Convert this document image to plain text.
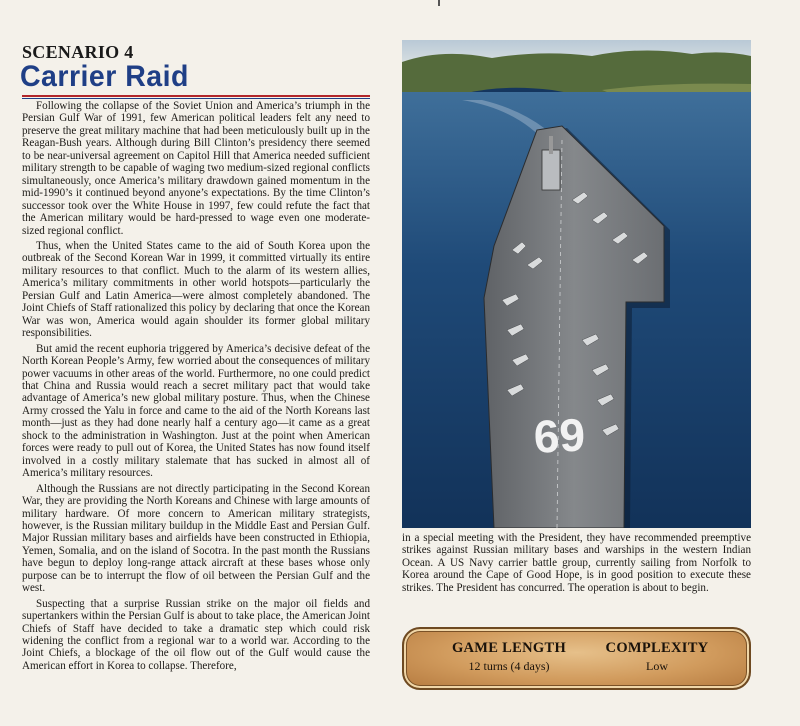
SCENARIO 4
Carrier Raid

Following the collapse of the Soviet Union and America’s triumph in the Persian Gulf War of 1991, few American political leaders felt any need to preserve the great military machine that had been meticulously built up in the Reagan-Bush years. Although during Bill Clinton’s presidency there seemed to be near-universal agreement on Capitol Hill that America needed sufficient military strength to be capable of waging two medium-sized regional conflicts simultaneously, once America’s military drawdown gained momentum in the mid-1990’s it continued beyond anyone’s expectations. By the time Clinton’s successor took over the White House in 1997, few could refute the fact that the American military would be hard-pressed to wage even one moderate-sized regional conflict.

Thus, when the United States came to the aid of South Korea upon the outbreak of the Second Korean War in 1999, it committed virtually its entire military resources to that conflict. Much to the alarm of its western allies, America’s military commitments in other world hotspots—particularly the Persian Gulf and Latin America—were almost completely abandoned. The Joint Chiefs of Staff rationalized this policy by declaring that once the Korean War was won, America would again shoulder its former global military responsibilities.

But amid the recent euphoria triggered by America’s decisive defeat of the North Korean People’s Army, few worried about the consequences of military power vacuums in other areas of the world. Furthermore, no one could predict that China and Russia would reach a secret military pact that would take advantage of America’s new global military posture. Thus, when the Chinese Army crossed the Yalu in force and came to the aid of the North Koreans last month—just as they had done nearly half a century ago—it came as a great shock to the administration in Washington. Just at the point when American forces were ready to pull out of Korea, the United States has now found itself involved in a costly military stalemate that has sucked in almost all of America’s military resources.

Although the Russians are not directly participating in the Second Korean War, they are providing the North Koreans and Chinese with large amounts of military hardware. Of more concern to American military strategists, however, is the Russian military buildup in the Middle East and Persian Gulf. Major Russian military bases and airfields have been constructed in Ethiopia, Yemen, Somalia, and on the island of Socotra. In the past month the Russians have begun to deploy long-range attack aircraft at these bases whose only purpose can be to interrupt the flow of oil between the Persian Gulf and the west.

Suspecting that a surprise Russian strike on the major oil fields and supertankers within the Persian Gulf is about to take place, the American Joint Chiefs of Staff have decided to take a dramatic step which could risk widening the conflict from a regional war to a world war. According to the Joint Chiefs, a blockage of the oil flow out of the Gulf would cause the American effort in Korea to collapse. Therefore,

69
in a special meeting with the President, they have recommended preemptive strikes against Russian military bases and warships in the western Indian Ocean. A US Navy carrier battle group, currently sailing from Norfolk to Korea around the Cape of Good Hope, is in good position to execute these strikes. The President has concurred. The operation is about to begin.
GAME LENGTH
12 turns (4 days)
COMPLEXITY
Low
